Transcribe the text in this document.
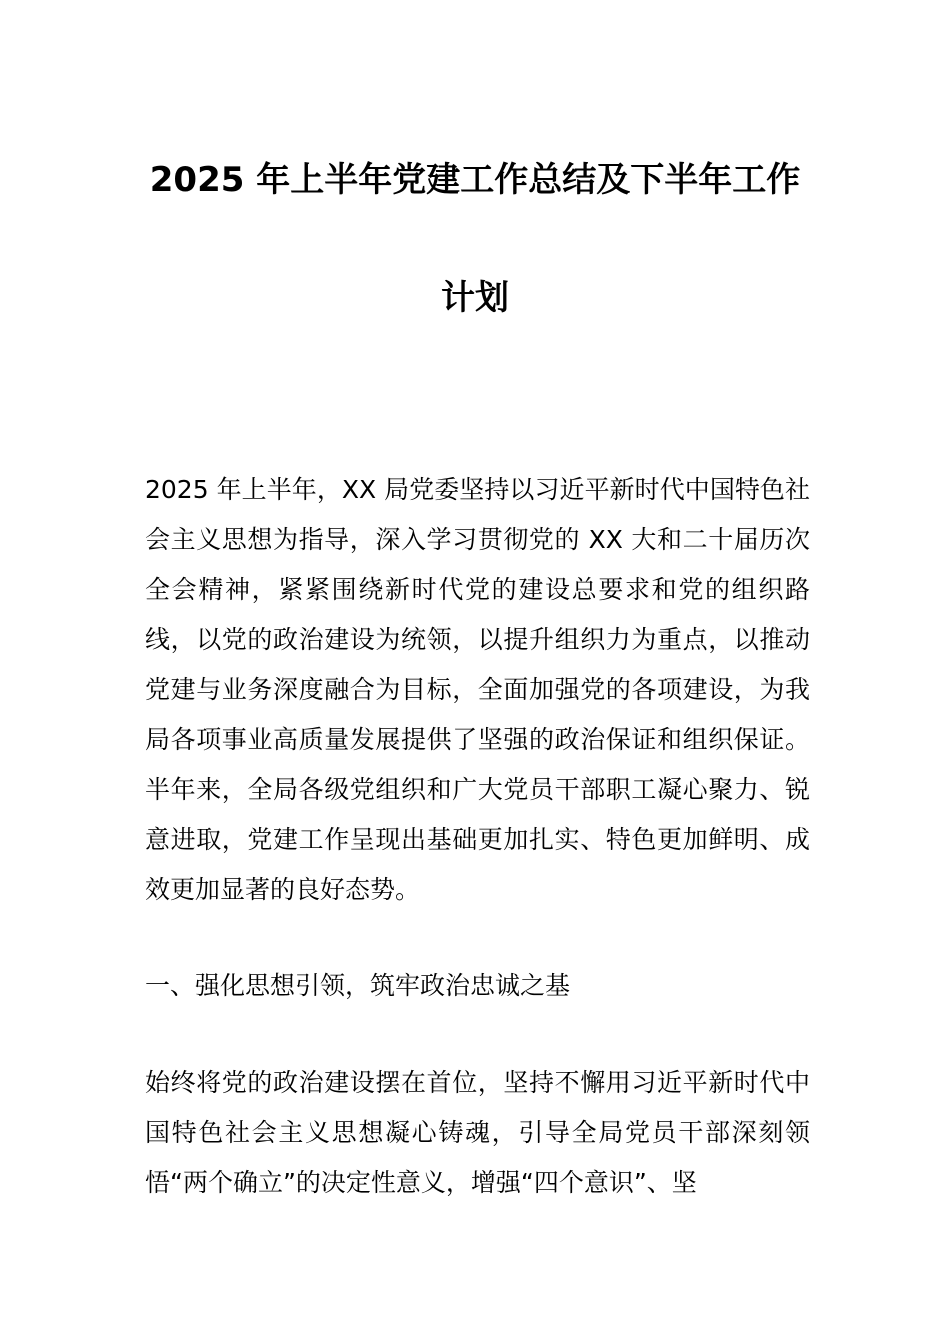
2025 年上半年党建工作总结及下半年工作
计划

2025 年上半年，XX 局党委坚持以习近平新时代中国特色社会主义思想为指导，深入学习贯彻党的 XX 大和二十届历次全会精神，紧紧围绕新时代党的建设总要求和党的组织路线，以党的政治建设为统领，以提升组织力为重点，以推动党建与业务深度融合为目标，全面加强党的各项建设，为我局各项事业高质量发展提供了坚强的政治保证和组织保证。半年来，全局各级党组织和广大党员干部职工凝心聚力、锐意进取，党建工作呈现出基础更加扎实、特色更加鲜明、成效更加显著的良好态势。

一、强化思想引领，筑牢政治忠诚之基

始终将党的政治建设摆在首位，坚持不懈用习近平新时代中国特色社会主义思想凝心铸魂，引导全局党员干部深刻领悟“两个确立”的决定性意义，增强“四个意识”、坚
